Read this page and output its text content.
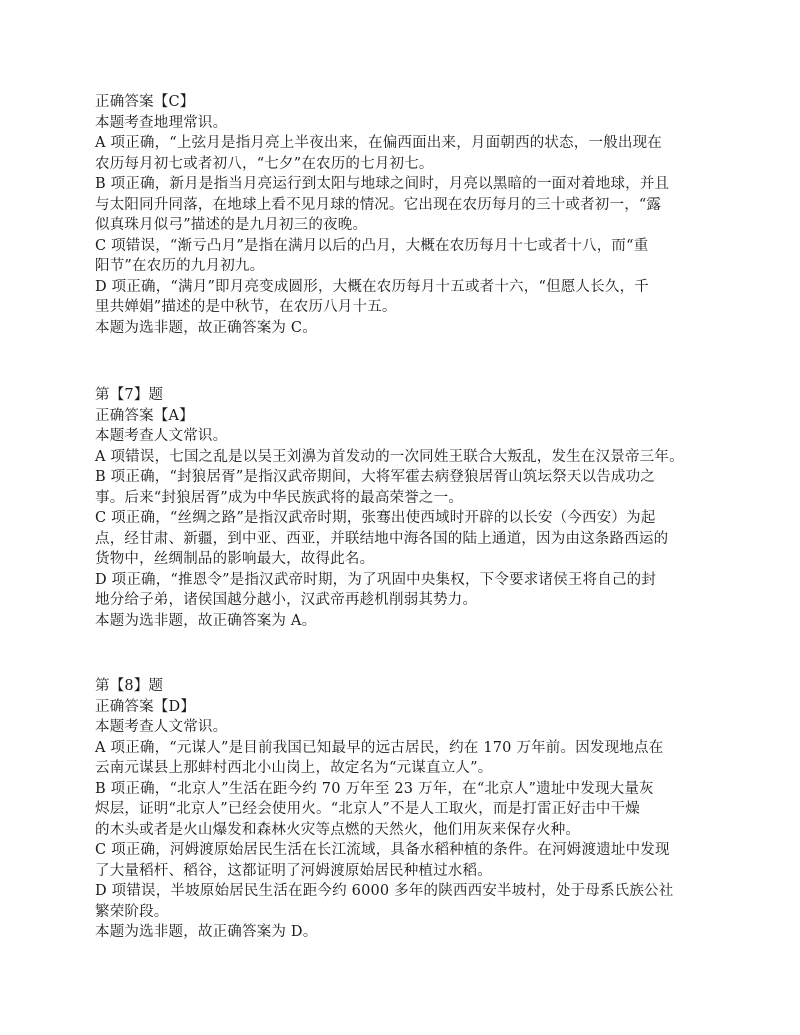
正确答案【C】
本题考查地理常识。
A 项正确，“上弦月是指月亮上半夜出来，在偏西面出来，月面朝西的状态，一般出现在
农历每月初七或者初八，“七夕”在农历的七月初七。
B 项正确，新月是指当月亮运行到太阳与地球之间时，月亮以黑暗的一面对着地球，并且
与太阳同升同落，在地球上看不见月球的情况。它出现在农历每月的三十或者初一，“露
似真珠月似弓”描述的是九月初三的夜晚。
C 项错误，“渐亏凸月”是指在满月以后的凸月，大概在农历每月十七或者十八，而“重
阳节”在农历的九月初九。
D 项正确，“满月”即月亮变成圆形，大概在农历每月十五或者十六，“但愿人长久，千
里共婵娟”描述的是中秋节，在农历八月十五。
本题为选非题，故正确答案为 C。
第【7】题
正确答案【A】
本题考查人文常识。
A 项错误，七国之乱是以吴王刘濞为首发动的一次同姓王联合大叛乱，发生在汉景帝三年。
B 项正确，“封狼居胥”是指汉武帝期间，大将军霍去病登狼居胥山筑坛祭天以告成功之
事。后来“封狼居胥”成为中华民族武将的最高荣誉之一。
C 项正确，“丝绸之路”是指汉武帝时期，张骞出使西域时开辟的以长安（今西安）为起
点，经甘肃、新疆，到中亚、西亚，并联结地中海各国的陆上通道，因为由这条路西运的
货物中，丝绸制品的影响最大，故得此名。
D 项正确，“推恩令”是指汉武帝时期，为了巩固中央集权，下令要求诸侯王将自己的封
地分给子弟，诸侯国越分越小，汉武帝再趁机削弱其势力。
本题为选非题，故正确答案为 A。
第【8】题
正确答案【D】
本题考查人文常识。
A 项正确，“元谋人”是目前我国已知最早的远古居民，约在 170 万年前。因发现地点在
云南元谋县上那蚌村西北小山岗上，故定名为“元谋直立人”。
B 项正确，“北京人”生活在距今约 70 万年至 23 万年，在“北京人”遗址中发现大量灰
烬层，证明“北京人”已经会使用火。“北京人”不是人工取火，而是打雷正好击中干燥
的木头或者是火山爆发和森林火灾等点燃的天然火，他们用灰来保存火种。
C 项正确，河姆渡原始居民生活在长江流域，具备水稻种植的条件。在河姆渡遗址中发现
了大量稻杆、稻谷，这都证明了河姆渡原始居民种植过水稻。
D 项错误，半坡原始居民生活在距今约 6000 多年的陕西西安半坡村，处于母系氏族公社
繁荣阶段。
本题为选非题，故正确答案为 D。
